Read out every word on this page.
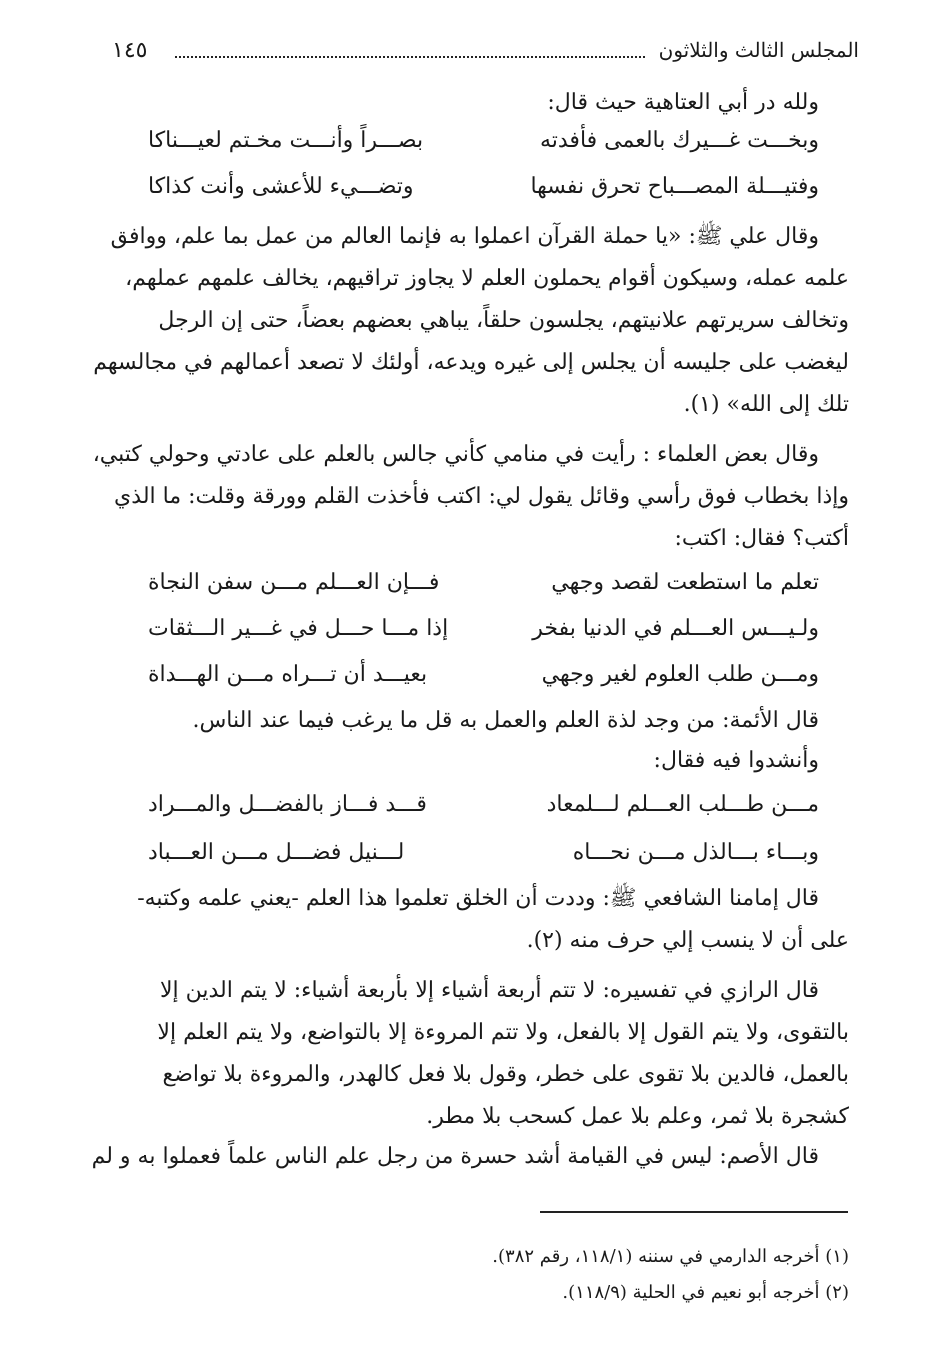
المجلس الثالث والثلاثون
١٤٥

ولله در أبي العتاهية حيث قال:

وبخـــت غـــيرك بالعمى فأفدته
بصـــراً وأنـــت مخـتم لعيـــناكا
وفتيـــلة المصـــباح تحرق نفسها
وتضـــيء للأعشى وأنت كذاكا

وقال علي ﷺ: «يا حملة القرآن اعملوا به فإنما العالم من عمل بما علم، ووافق

علمه عمله، وسيكون أقوام يحملون العلم لا يجاوز تراقيهم، يخالف علمهم عملهم،

وتخالف سريرتهم علانيتهم، يجلسون حلقاً، يباهي بعضهم بعضاً، حتى إن الرجل

ليغضب على جليسه أن يجلس إلى غيره ويدعه، أولئك لا تصعد أعمالهم في مجالسهم

تلك إلى الله» (١).

وقال بعض العلماء : رأيت في منامي كأني جالس بالعلم على عادتي وحولي كتبي،

وإذا بخطاب فوق رأسي وقائل يقول لي: اكتب فأخذت القلم وورقة وقلت: ما الذي

أكتب؟ فقال: اكتب:

تعلم ما استطعت لقصد وجهي
فـــإن العـــلم مـــن سفن النجاة
ولـيـــس العـــلم في الدنيا بفخر
إذا مـــا حـــل في غـــير الـــثقات
ومـــن طلب العلوم لغير وجهي
بعيـــد أن تـــراه مـــن الهـــداة

قال الأئمة: من وجد لذة العلم والعمل به قل ما يرغب فيما عند الناس.

وأنشدوا فيه فقال:

مـــن طـــلب العـــلم لـــلمعاد
قـــد فـــاز بالفضـــل والمـــراد
وبـــاء بـــالذل مـــن نحـــاه
لـــنيل فضـــل مـــن العـــباد

قال إمامنا الشافعي ﷺ: وددت أن الخلق تعلموا هذا العلم -يعني علمه وكتبه-

على أن لا ينسب إلي حرف منه (٢).

قال الرازي في تفسيره: لا تتم أربعة أشياء إلا بأربعة أشياء: لا يتم الدين إلا

بالتقوى، ولا يتم القول إلا بالفعل، ولا تتم المروءة إلا بالتواضع، ولا يتم العلم إلا

بالعمل، فالدين بلا تقوى على خطر، وقول بلا فعل كالهدر، والمروءة بلا تواضع

كشجرة بلا ثمر، وعلم بلا عمل كسحب بلا مطر.

قال الأصم: ليس في القيامة أشد حسرة من رجل علم الناس علماً فعملوا به و لم

(١) أخرجه الدارمي في سننه (١١٨/١، رقم ٣٨٢).
(٢) أخرجه أبو نعيم في الحلية (١١٨/٩).
